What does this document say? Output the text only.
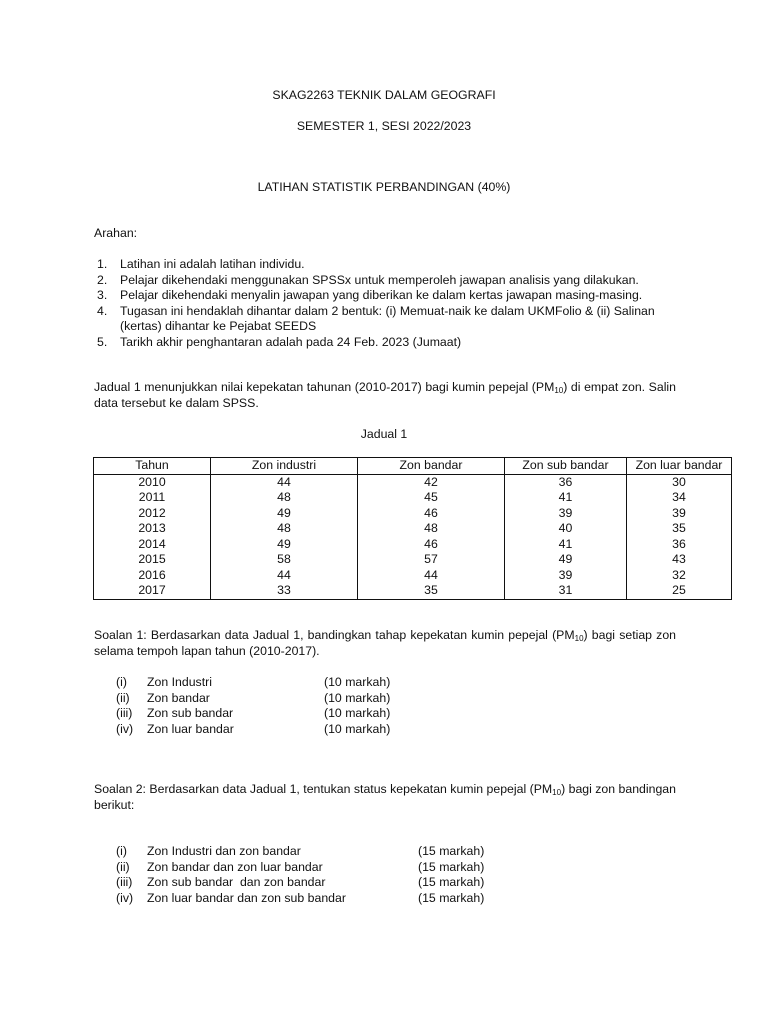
SKAG2263 TEKNIK DALAM GEOGRAFI
SEMESTER 1, SESI 2022/2023
LATIHAN STATISTIK PERBANDINGAN (40%)
Arahan:
1. Latihan ini adalah latihan individu.
2. Pelajar dikehendaki menggunakan SPSSx untuk memperoleh jawapan analisis yang dilakukan.
3. Pelajar dikehendaki menyalin jawapan yang diberikan ke dalam kertas jawapan masing-masing.
4. Tugasan ini hendaklah dihantar dalam 2 bentuk: (i) Memuat-naik ke dalam UKMFolio & (ii) Salinan (kertas) dihantar ke Pejabat SEEDS
5. Tarikh akhir penghantaran adalah pada 24 Feb. 2023 (Jumaat)
Jadual 1 menunjukkan nilai kepekatan tahunan (2010-2017) bagi kumin pepejal $(PM_{10})$ di empat zon. Salin data tersebut ke dalam SPSS.
Jadual 1
Tahun	Zon industri	Zon bandar	Zon sub bandar	Zon luar bandar
2010	44	42	36	30
2011	48	45	41	34
2012	49	46	39	39
2013	48	48	40	35
2014	49	46	41	36
2015	58	57	49	43
2016	44	44	39	32
2017	33	35	31	25
Soalan 1: Berdasarkan data Jadual 1, bandingkan tahap kepekatan kumin pepejal $(PM_{10})$ bagi setiap zon selama tempoh lapan tahun (2010-2017).
(i) Zon Industri	(10 markah)
(ii) Zon bandar	(10 markah)
(iii) Zon sub bandar	(10 markah)
(iv) Zon luar bandar	(10 markah)
Soalan 2: Berdasarkan data Jadual 1, tentukan status kepekatan kumin pepejal $(PM_{10})$ bagi zon bandingan berikut:
(i) Zon Industri dan zon bandar	(15 markah)
(ii) Zon bandar dan zon luar bandar	(15 markah)
(iii) Zon sub bandar  dan zon bandar	(15 markah)
(iv) Zon luar bandar dan zon sub bandar	(15 markah)
